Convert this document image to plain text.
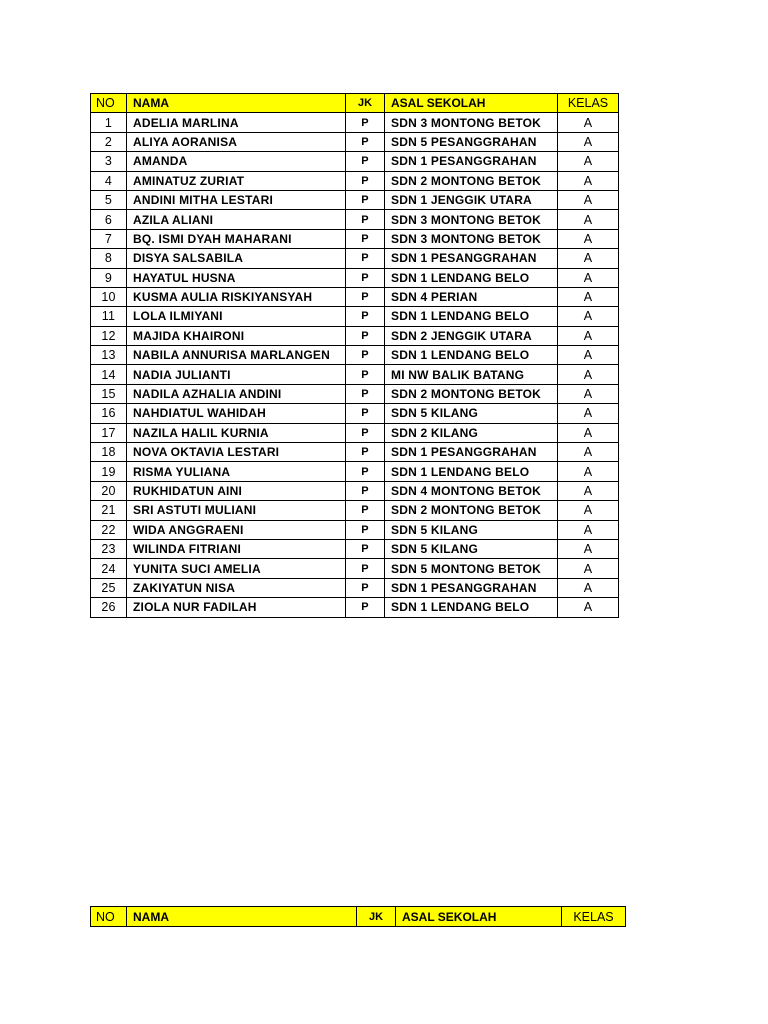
NO	NAMA	JK	ASAL SEKOLAH	KELAS
1	ADELIA MARLINA	P	SDN 3 MONTONG BETOK	A
2	ALIYA AORANISA	P	SDN 5 PESANGGRAHAN	A
3	AMANDA	P	SDN 1 PESANGGRAHAN	A
4	AMINATUZ ZURIAT	P	SDN 2 MONTONG BETOK	A
5	ANDINI MITHA LESTARI	P	SDN 1 JENGGIK UTARA	A
6	AZILA ALIANI	P	SDN 3 MONTONG BETOK	A
7	BQ. ISMI DYAH MAHARANI	P	SDN 3 MONTONG BETOK	A
8	DISYA SALSABILA	P	SDN 1 PESANGGRAHAN	A
9	HAYATUL HUSNA	P	SDN 1 LENDANG BELO	A
10	KUSMA AULIA RISKIYANSYAH	P	SDN 4 PERIAN	A
11	LOLA ILMIYANI	P	SDN 1 LENDANG BELO	A
12	MAJIDA KHAIRONI	P	SDN 2 JENGGIK UTARA	A
13	NABILA ANNURISA MARLANGEN	P	SDN 1 LENDANG BELO	A
14	NADIA JULIANTI	P	MI NW BALIK BATANG	A
15	NADILA AZHALIA ANDINI	P	SDN 2 MONTONG BETOK	A
16	NAHDIATUL WAHIDAH	P	SDN 5 KILANG	A
17	NAZILA HALIL KURNIA	P	SDN 2 KILANG	A
18	NOVA OKTAVIA LESTARI	P	SDN 1 PESANGGRAHAN	A
19	RISMA YULIANA	P	SDN 1 LENDANG BELO	A
20	RUKHIDATUN AINI	P	SDN 4 MONTONG BETOK	A
21	SRI ASTUTI MULIANI	P	SDN 2 MONTONG BETOK	A
22	WIDA ANGGRAENI	P	SDN 5 KILANG	A
23	WILINDA FITRIANI	P	SDN 5 KILANG	A
24	YUNITA SUCI AMELIA	P	SDN 5 MONTONG BETOK	A
25	ZAKIYATUN NISA	P	SDN 1 PESANGGRAHAN	A
26	ZIOLA NUR FADILAH	P	SDN 1 LENDANG BELO	A
NO	NAMA	JK	ASAL SEKOLAH	KELAS
